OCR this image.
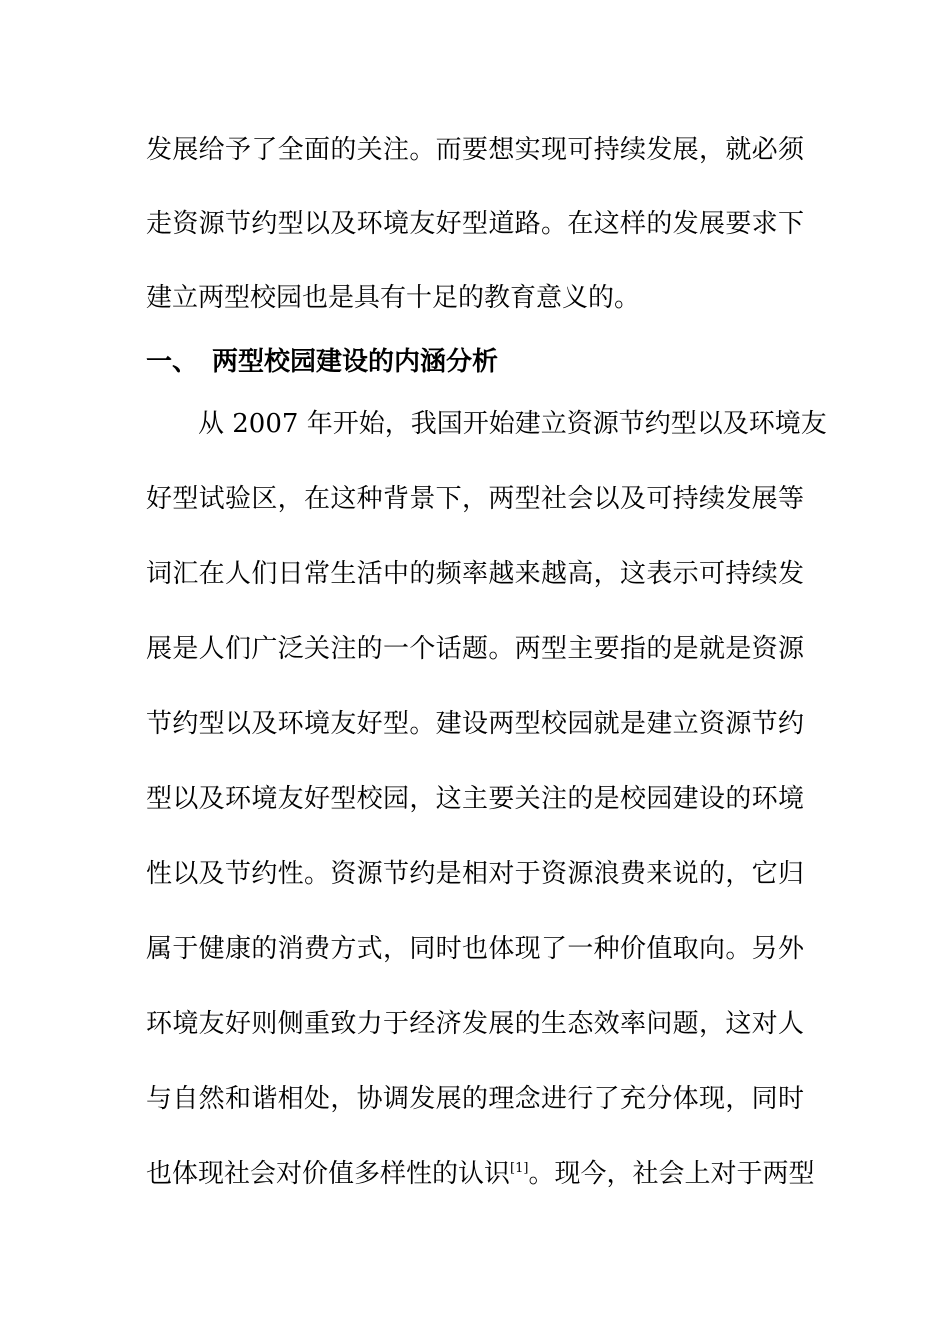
发展给予了全面的关注。而要想实现可持续发展，就必须
走资源节约型以及环境友好型道路。在这样的发展要求下
建立两型校园也是具有十足的教育意义的。
一、 两型校园建设的内涵分析
从 2007 年开始，我国开始建立资源节约型以及环境友
好型试验区，在这种背景下，两型社会以及可持续发展等
词汇在人们日常生活中的频率越来越高，这表示可持续发
展是人们广泛关注的一个话题。两型主要指的是就是资源
节约型以及环境友好型。建设两型校园就是建立资源节约
型以及环境友好型校园，这主要关注的是校园建设的环境
性以及节约性。资源节约是相对于资源浪费来说的，它归
属于健康的消费方式，同时也体现了一种价值取向。另外
环境友好则侧重致力于经济发展的生态效率问题，这对人
与自然和谐相处，协调发展的理念进行了充分体现，同时
也体现社会对价值多样性的认识[1]。现今，社会上对于两型
